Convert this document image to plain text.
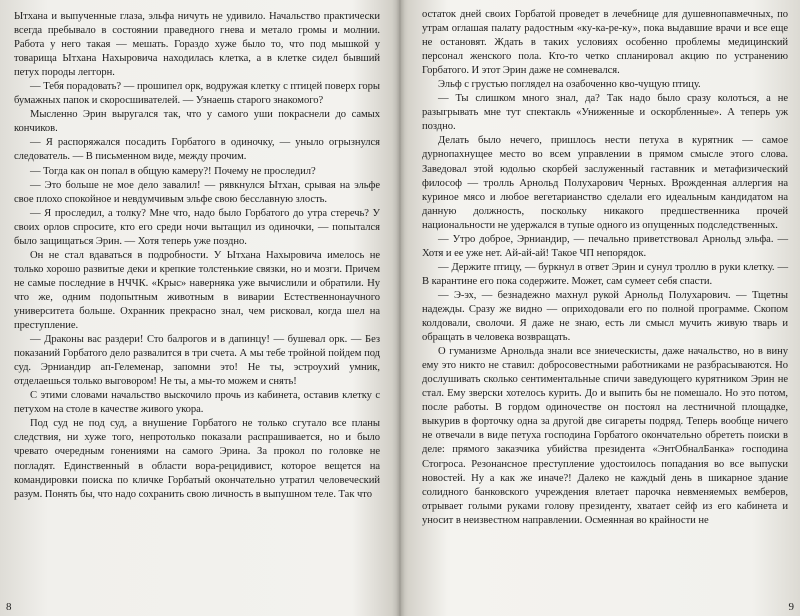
Ытхана и выпученные глаза, эльфа ничуть не удивило. Начальство практически всегда пребывало в состоянии праведного гнева и метало громы и молнии. Работа у него такая — мешать. Гораздо хуже было то, что под мышкой у товарища Ытхана Нахыровича находилась клетка, а в клетке сидел бывший петух породы леггорн.

— Тебя порадовать? — прошипел орк, водружая клетку с птицей поверх горы бумажных папок и скоросшивателей. — Узнаешь старого знакомого?

Мысленно Эрин выругался так, что у самого уши покраснели до самых кончиков.

— Я распоряжался посадить Горбатого в одиночку, — уныло огрызнулся следователь. — В письменном виде, между прочим.

— Тогда как он попал в общую камеру?! Почему не проследил?

— Это больше не мое дело завалил! — рявкнулся Ытхан, срывая на эльфе свое плохо спокойное и невдумчивым эльфе свою бесславную злость.

— Я проследил, а толку? Мне что, надо было Горбатого до утра стеречь? У своих орлов спросите, кто его среди ночи вытащил из одиночки, — попытался было защищаться Эрин. — Хотя теперь уже поздно.

Он не стал вдаваться в подробности. У Ытхана Нахыровича имелось не только хорошо развитые деки и крепкие толстенькие связки, но и мозги. Причем не самые последние в НЧЧК. «Крыс» наверняка уже вычислили и обратили. Ну что же, одним подопытным животным в виварии Естественнонаучного университета больше. Охранник прекрасно знал, чем рисковал, когда шел на преступление.

— Драконы вас раздери! Сто балрогов и в дапинцу! — бушевал орк. — Без показаний Горбатого дело развалится в три счета. А мы тебе тройной пойдем под суд. Эрниандир ап-Гелеменар, запомни это! Не ты, эстроухий умник, отделаешься только выговором! Не ты, а мы-то можем и снять!

С этими словами начальство выскочило прочь из кабинета, оставив клетку с петухом на столе в качестве живого укора.

Под суд не под суд, а внушение Горбатого не только сгутало все планы следствия, ни хуже того, непротолько показали распрашивается, но и было чревато очередным гонениями на самого Эрина. За прокол по головке не погладят. Единственный в области вора-рецидивист, которое вещется на командировки поиска по кличке Горбатый окончательно утратил человеческий разум. Понять бы, что надо сохранить свою личность в выпушном теле. Так что

8

остаток дней своих Горбатой проведет в лечебнице для душевнопавмечных, по утрам оглашая палату радостным «ку-ка-ре-ку», пока выдавшие врачи и все еще не остановят. Ждать в таких условиях особенно проблемы медицинский персонал женского пола. Кто-то четко спланировал акцию по устранению Горбатого. И этот Эрин даже не сомневался.

Эльф с грустью поглядел на озабоченно кво-чущую птицу.

— Ты слишком много знал, да? Так надо было сразу колоться, а не разыгрывать мне тут спектакль «Униженные и оскорбленные». А теперь уж поздно.

Делать было нечего, пришлось нести петуха в курятник — самое дурнопахнущее место во всем управлении в прямом смысле этого слова. Заведовал этой юдолью скорбей заслуженный гаставник и метафизический философ — тролль Арнольд Полухарович Черных. Врожденная аллергия на куриное мясо и любое вегетарианство сделали его идеальным кандидатом на данную должность, поскольку никакого предшественника прочей национальности не удержался в тупые одного из опущенных подследственных.

— Утро доброе, Эрниандир, — печально приветствовал Арнольд эльфа. — Хотя и ее уже нет. Ай-ай-ай! Такое ЧП непорядок.

— Держите птицу, — буркнул в ответ Эрин и сунул троллю в руки клетку. — В карантине его пока содержите. Может, сам сумеет себя спасти.

— Э-эх, — безнадежно махнул рукой Арнольд Полухарович. — Тщетны надежды. Сразу же видно — оприходовали его по полной программе. Скопом колдовали, сволочи. Я даже не знаю, есть ли смысл мучить живую тварь и обращать в человека возвращать.

О гуманизме Арнольда знали все зниеческисты, даже начальство, но в вину ему это никто не ставил: добросовестными работниками не разбрасываются. Но дослушивать сколько сентиментальные спичи заведующего курятником Эрин не стал. Ему зверски хотелось курить. До и выпить бы не помешало. Но это потом, после работы. В гордом одиночестве он постоял на лестничной площадке, выкурив в форточку одна за другой две сигареты подряд. Теперь вообще ничего не отвечали в виде петуха господина Горбатого окончательно обрететь поиски в деле: прямого заказчика убийства президента «ЭнтОбналБанка» господина Стогроса. Резонансное преступление удостоилось попадания во все выпуски новостей. Ну а как же иначе?! Далеко не каждый день в шикарное здание солидного банковского учреждения влетает парочка невменяемых вемберов, отрывает голыми руками голову президенту, хватает сейф из его кабинета и уносит в неизвестном направлении. Осмеянная во крайности не

9
